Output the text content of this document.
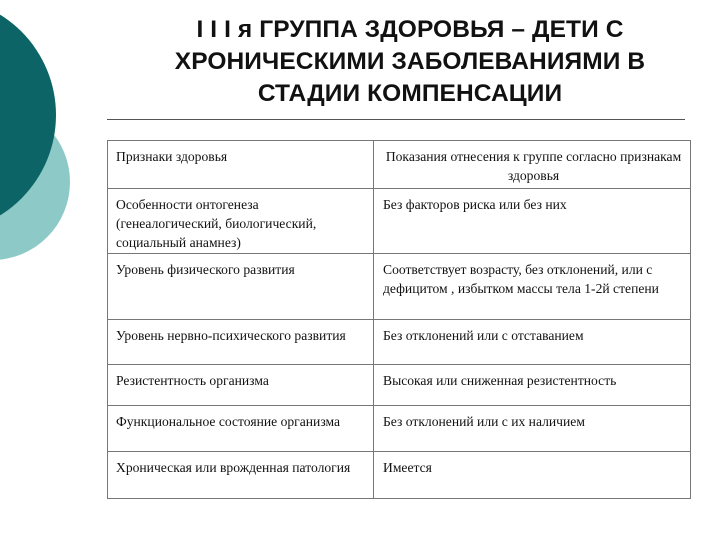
I I I я ГРУППА ЗДОРОВЬЯ – ДЕТИ С
ХРОНИЧЕСКИМИ ЗАБОЛЕВАНИЯМИ В
СТАДИИ КОМПЕНСАЦИИ
Признаки здоровья	Показания отнесения к группе согласно признакам здоровья
Особенности онтогенеза (генеалогический, биологический, социальный анамнез)	Без факторов риска или без них
Уровень физического развития	Соответствует возрасту, без отклонений, или с дефицитом , избытком массы тела 1-2й степени
Уровень нервно-психического развития	Без отклонений или с отставанием
Резистентность организма	Высокая или сниженная резистентность
Функциональное состояние организма	Без отклонений или с их наличием
Хроническая или врожденная патология	Имеется
